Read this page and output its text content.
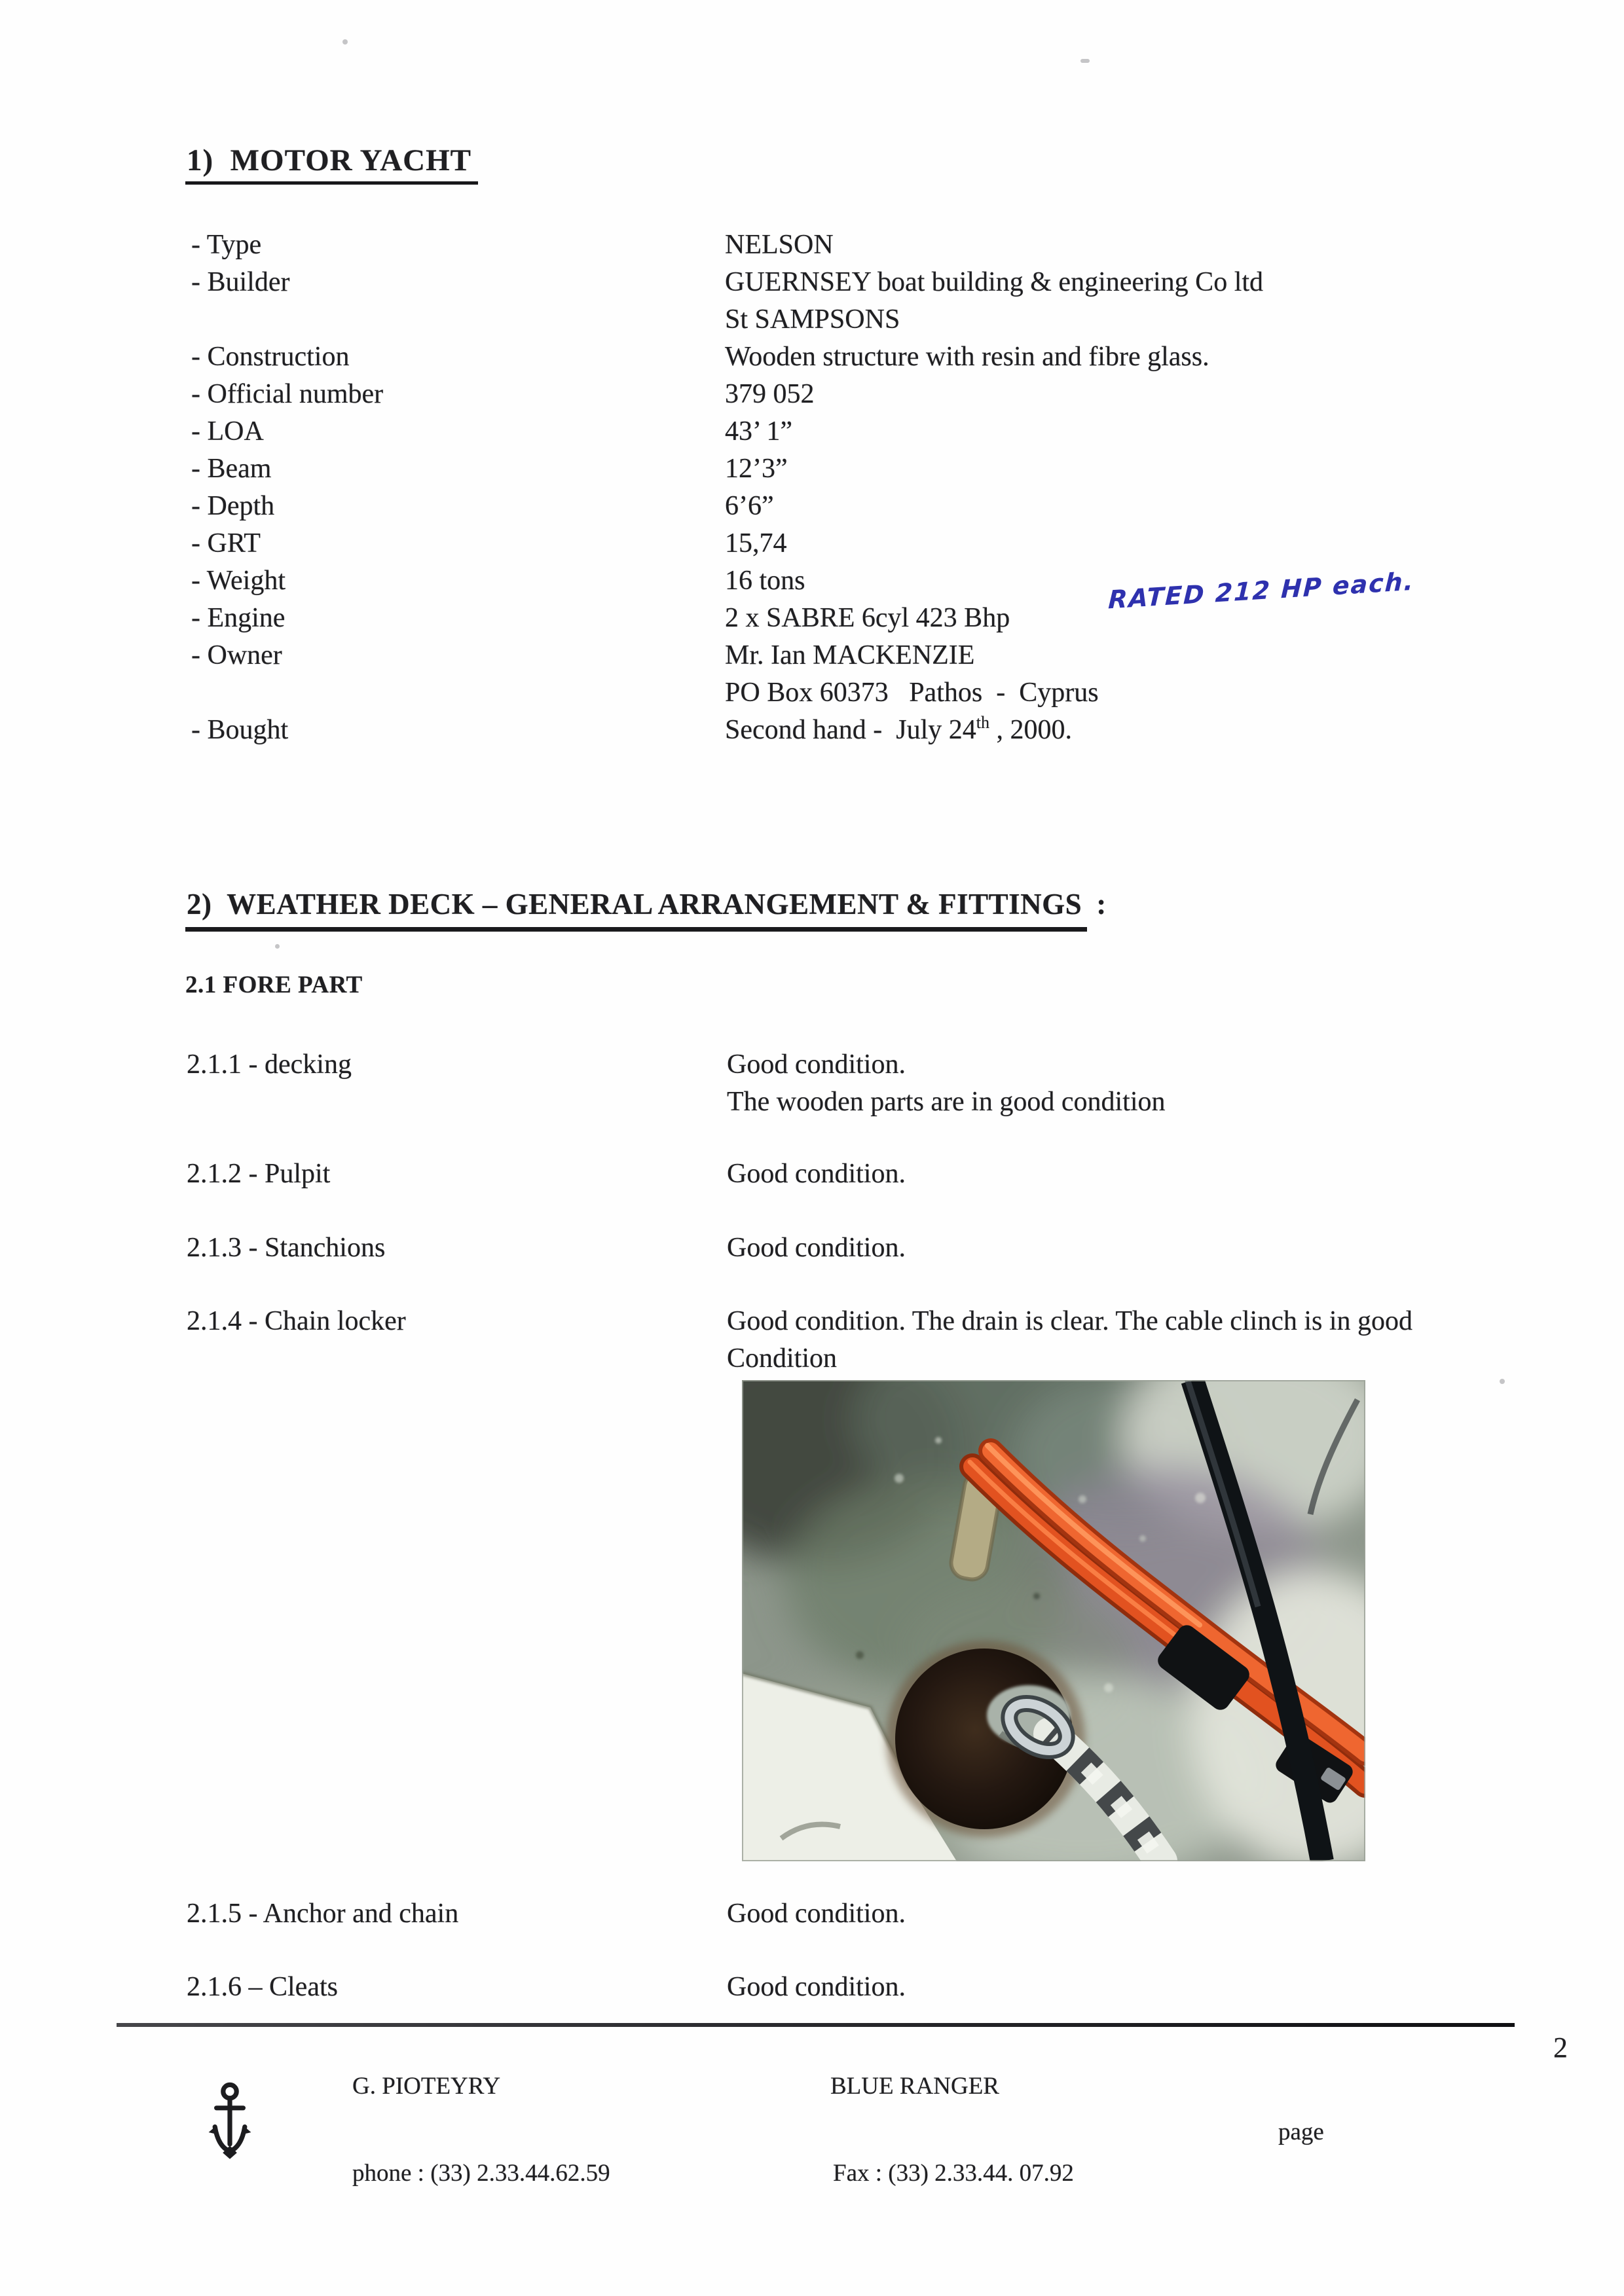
1)  MOTOR YACHT
- Type	NELSON
- Builder	GUERNSEY boat building & engineering Co ltd
St SAMPSONS
- Construction	Wooden structure with resin and fibre glass.
- Official number	379 052
- LOA	43’ 1”
- Beam	12’3”
- Depth	6’6”
- GRT	15,74
- Weight	16 tons
- Engine	2 x SABRE 6cyl 423 Bhp
- Owner	Mr. Ian MACKENZIE
PO Box 60373   Pathos  -  Cyprus
- Bought	Second hand -  July 24th , 2000.
RATED 212 HP each.
2)  WEATHER DECK – GENERAL ARRANGEMENT & FITTINGS :
2.1 FORE PART
2.1.1 - decking	Good condition.
The wooden parts are in good condition
2.1.2 - Pulpit	Good condition.
2.1.3 - Stanchions	Good condition.
2.1.4 - Chain locker	Good condition. The drain is clear. The cable clinch is in good
Condition
2.1.5 - Anchor and chain	Good condition.
2.1.6 – Cleats	Good condition.
2
G. PIOTEYRY	BLUE RANGER
page
phone : (33) 2.33.44.62.59	Fax : (33) 2.33.44. 07.92
